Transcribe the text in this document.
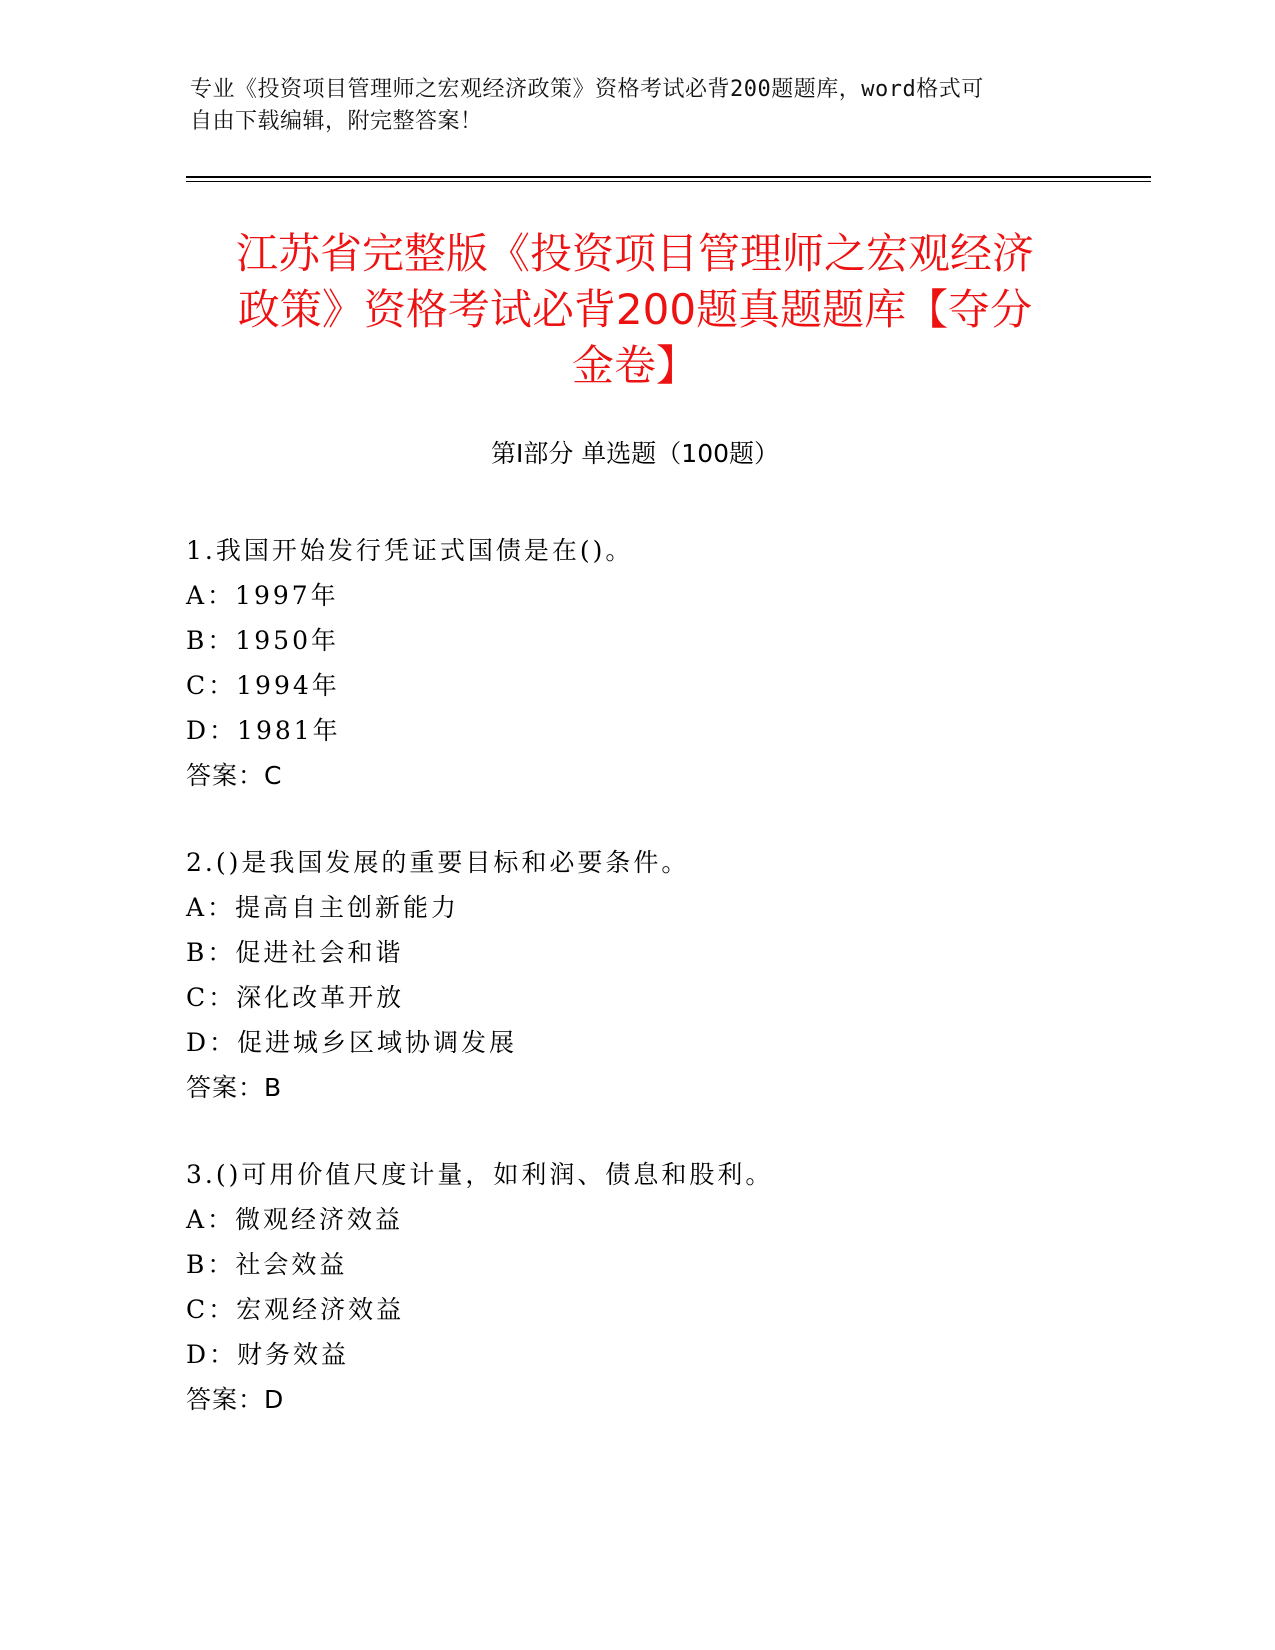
专业《投资项目管理师之宏观经济政策》资格考试必背200题题库，word格式可
自由下载编辑，附完整答案！
江苏省完整版《投资项目管理师之宏观经济
政策》资格考试必背200题真题题库【夺分
金卷】
第I部分 单选题（100题）
1.我国开始发行凭证式国债是在()。
A：1997年
B：1950年
C：1994年
D：1981年
答案：C
2.()是我国发展的重要目标和必要条件。
A：提高自主创新能力
B：促进社会和谐
C：深化改革开放
D：促进城乡区域协调发展
答案：B
3.()可用价值尺度计量，如利润、债息和股利。
A：微观经济效益
B：社会效益
C：宏观经济效益
D：财务效益
答案：D
